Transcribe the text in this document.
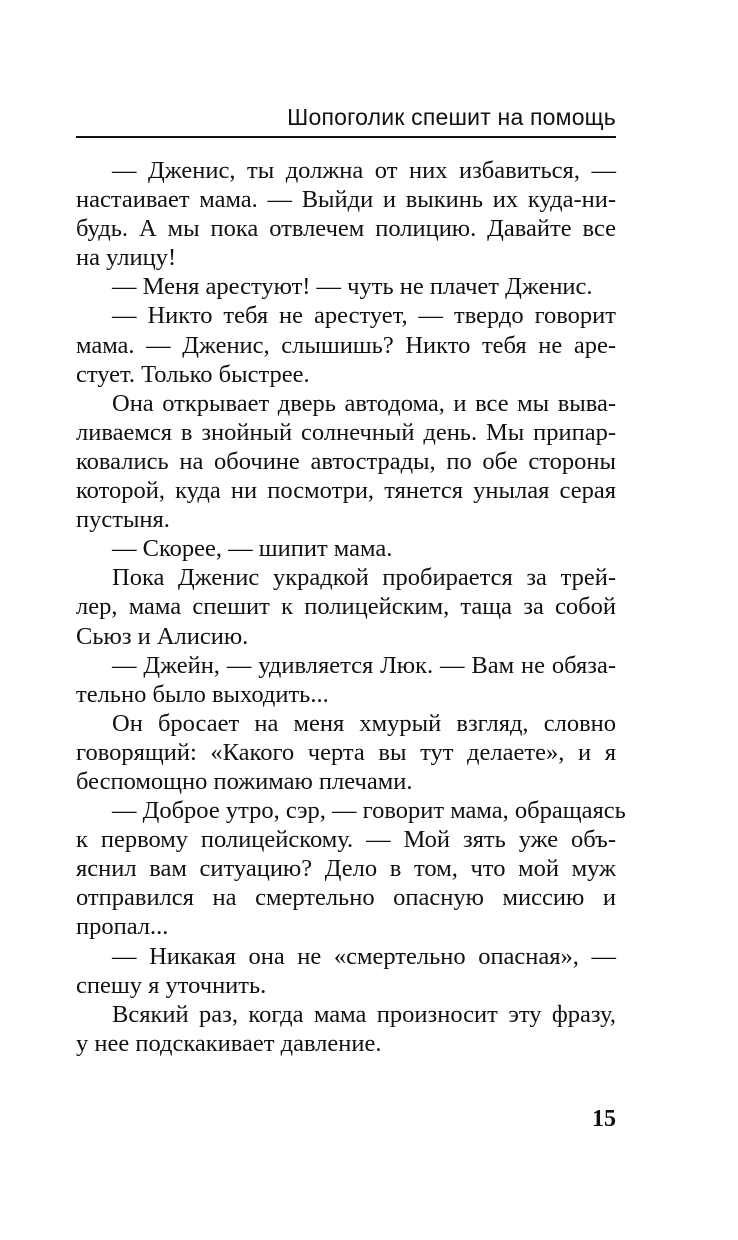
Шопоголик спешит на помощь
— Дженис, ты должна от них избавиться, —
настаивает мама. — Выйди и выкинь их куда-ни-
будь. А мы пока отвлечем полицию. Давайте все
на улицу!
— Меня арестуют! — чуть не плачет Дженис.
— Никто тебя не арестует, — твердо говорит
мама. — Дженис, слышишь? Никто тебя не аре-
стует. Только быстрее.
Она открывает дверь автодома, и все мы выва-
ливаемся в знойный солнечный день. Мы припар-
ковались на обочине автострады, по обе стороны
которой, куда ни посмотри, тянется унылая серая
пустыня.
— Скорее, — шипит мама.
Пока Дженис украдкой пробирается за трей-
лер, мама спешит к полицейским, таща за собой
Сьюз и Алисию.
— Джейн, — удивляется Люк. — Вам не обяза-
тельно было выходить...
Он бросает на меня хмурый взгляд, словно
говорящий: «Какого черта вы тут делаете», и я
беспомощно пожимаю плечами.
— Доброе утро, сэр, — говорит мама, обращаясь
к первому полицейскому. — Мой зять уже объ-
яснил вам ситуацию? Дело в том, что мой муж
отправился на смертельно опасную миссию и
пропал...
— Никакая она не «смертельно опасная», —
спешу я уточнить.
Всякий раз, когда мама произносит эту фразу,
у нее подскакивает давление.
15
